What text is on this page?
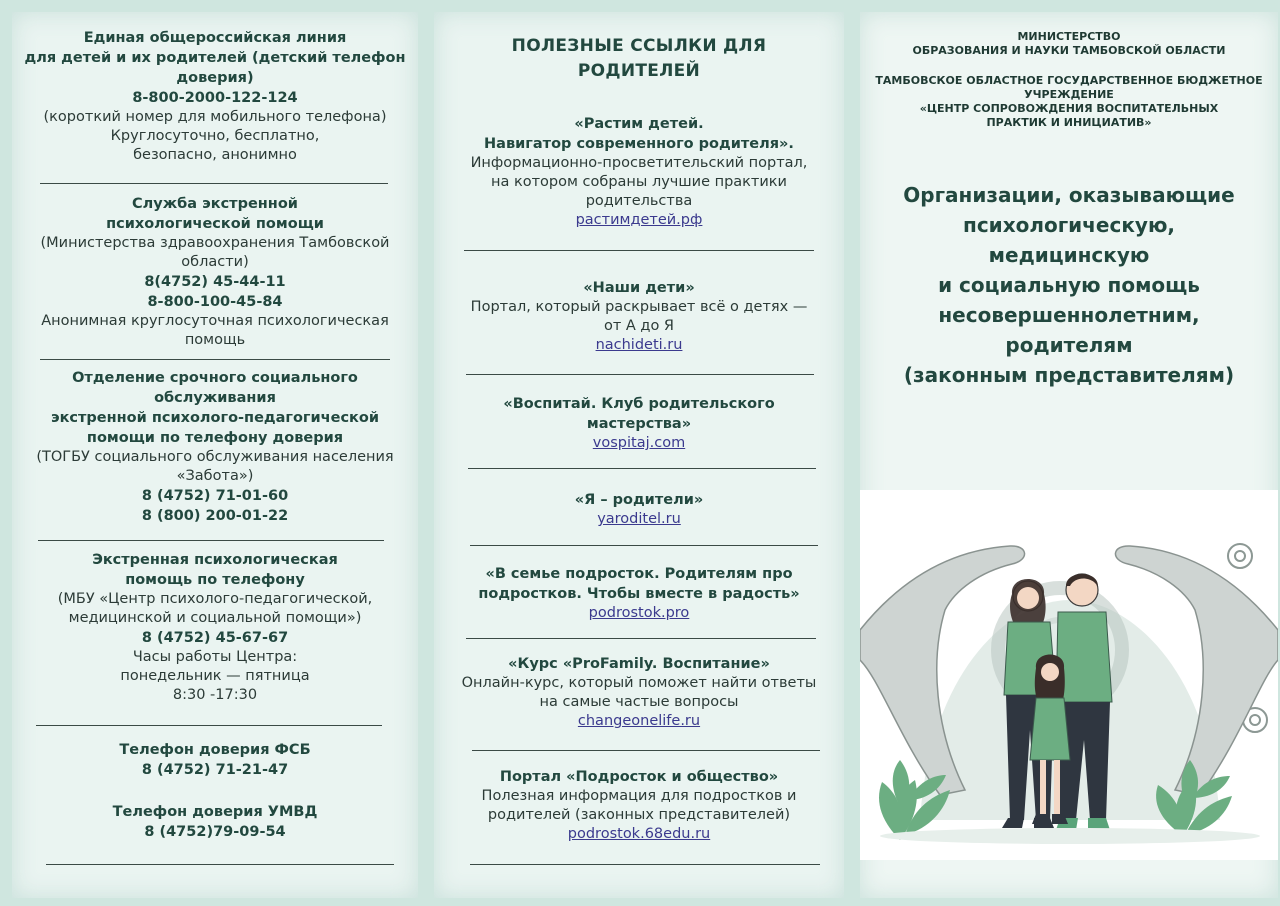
Единая общероссийская линия
для детей и их родителей (детский телефон
доверия)
8-800-2000-122-124
(короткий номер для мобильного телефона)
Круглосуточно, бесплатно,
безопасно, анонимно
Служба экстренной
психологической помощи
(Министерства здравоохранения Тамбовской
области)
8(4752) 45-44-11
8-800-100-45-84
Анонимная круглосуточная психологическая
помощь
Отделение срочного социального
обслуживания
экстренной психолого-педагогической
помощи по телефону доверия
(ТОГБУ социального обслуживания населения
«Забота»)
8 (4752) 71-01-60
8 (800) 200-01-22
Экстренная психологическая
помощь по телефону
(МБУ «Центр психолого-педагогической,
медицинской и социальной помощи»)
8 (4752) 45-67-67
Часы работы Центра:
понедельник — пятница
8:30 -17:30
Телефон доверия ФСБ
8 (4752) 71-21-47
Телефон доверия УМВД
8 (4752)79-09-54
ПОЛЕЗНЫЕ ССЫЛКИ ДЛЯ
РОДИТЕЛЕЙ
«Растим детей.
Навигатор современного родителя».
Информационно-просветительский портал,
на котором собраны лучшие практики
родительства
растимдетей.рф
«Наши дети»
Портал, который раскрывает всё о детях —
от А до Я
nachideti.ru
«Воспитай. Клуб родительского
мастерства»
vospitaj.com
«Я – родители»
yaroditel.ru
«В семье подросток. Родителям про
подростков. Чтобы вместе в радость»
podrostok.pro
«Курс «ProFamily. Воспитание»
Онлайн-курс, который поможет найти ответы
на самые частые вопросы
changeonelife.ru
Портал «Подросток и общество»
Полезная информация для подростков и
родителей (законных представителей)
podrostok.68edu.ru
МИНИСТЕРСТВО
ОБРАЗОВАНИЯ И НАУКИ ТАМБОВСКОЙ ОБЛАСТИ
ТАМБОВСКОЕ ОБЛАСТНОЕ ГОСУДАРСТВЕННОЕ БЮДЖЕТНОЕ
УЧРЕЖДЕНИЕ
«ЦЕНТР СОПРОВОЖДЕНИЯ ВОСПИТАТЕЛЬНЫХ
ПРАКТИК И ИНИЦИАТИВ»
Организации, оказывающие
психологическую,
медицинскую
и социальную помощь
несовершеннолетним,
родителям
(законным представителям)
